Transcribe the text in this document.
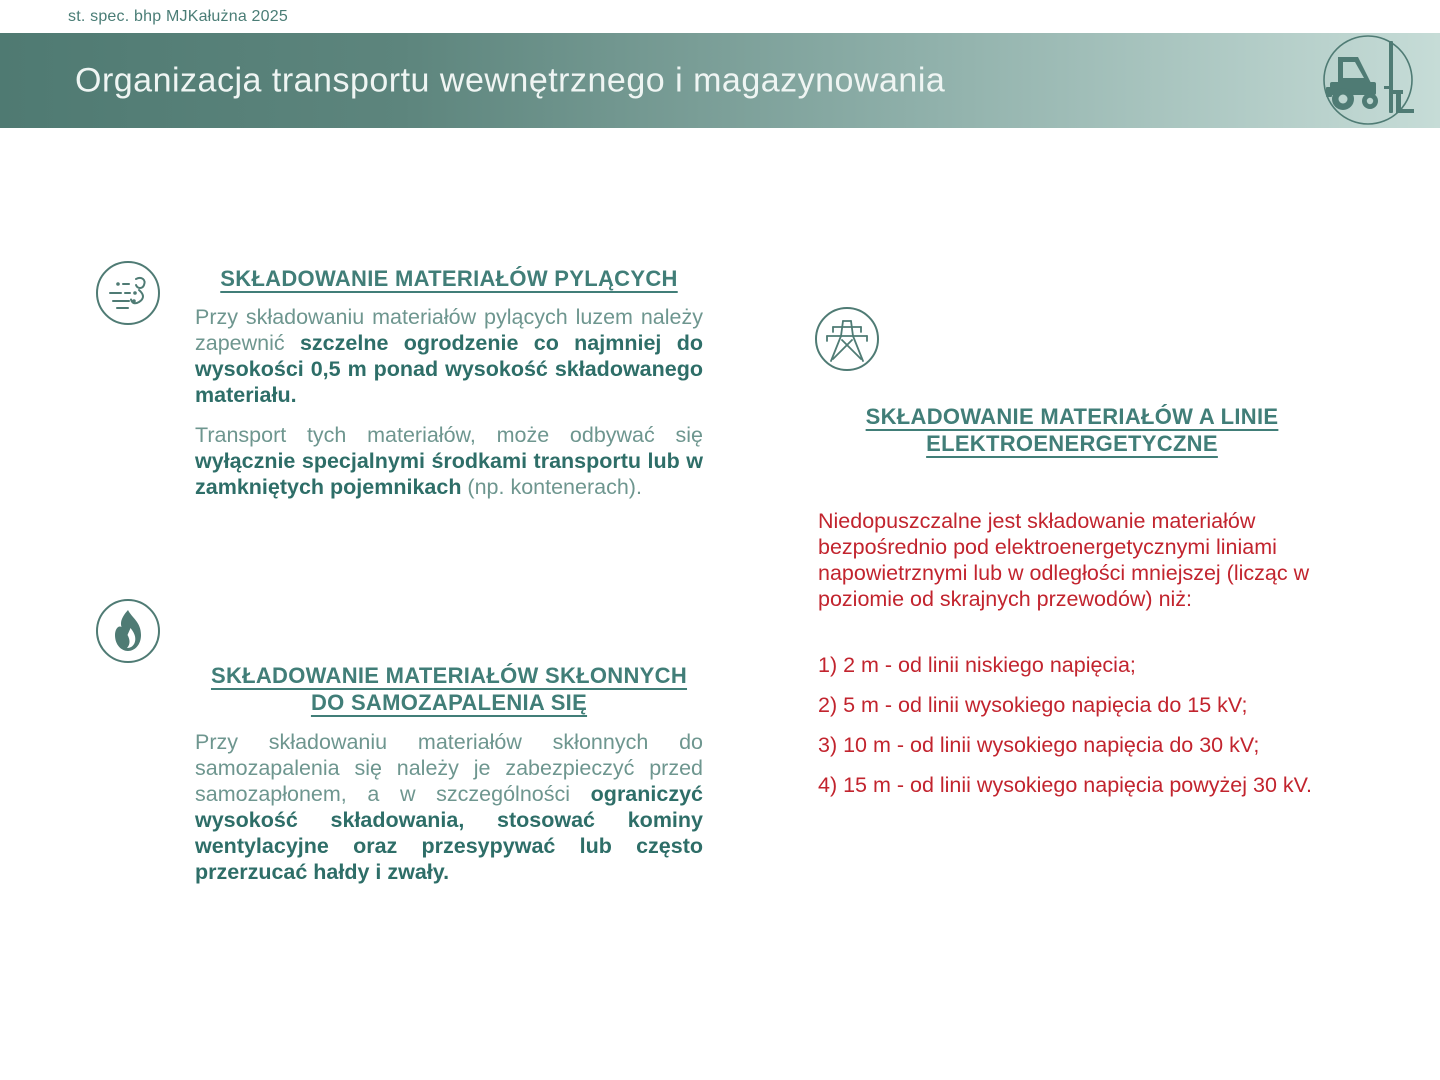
st. spec. bhp MJKałużna 2025
Organizacja transportu wewnętrznego i magazynowania
SKŁADOWANIE MATERIAŁÓW PYLĄCYCH

Przy składowaniu materiałów pylących luzem należy zapewnić szczelne ogrodzenie co najmniej do wysokości 0,5 m ponad wysokość składowanego materiału.

Transport tych materiałów, może odbywać się wyłącznie specjalnymi środkami transportu lub w zamkniętych pojemnikach (np. kontenerach).

SKŁADOWANIE MATERIAŁÓW SKŁONNYCH
DO SAMOZAPALENIA SIĘ

Przy składowaniu materiałów skłonnych do samozapalenia się należy je zabezpieczyć przed samozapłonem, a w szczególności ograniczyć wysokość składowania, stosować kominy wentylacyjne oraz przesypywać lub często przerzucać hałdy i zwały.

SKŁADOWANIE MATERIAŁÓW A LINIE
ELEKTROENERGETYCZNE

Niedopuszczalne jest składowanie materiałów bezpośrednio pod elektroenergetycznymi liniami napowietrznymi lub w odległości mniejszej (licząc w poziomie od skrajnych przewodów) niż:

1) 2 m - od linii niskiego napięcia;

2) 5 m - od linii wysokiego napięcia do 15 kV;

3) 10 m - od linii wysokiego napięcia do 30 kV;

4) 15 m - od linii wysokiego napięcia powyżej 30 kV.
